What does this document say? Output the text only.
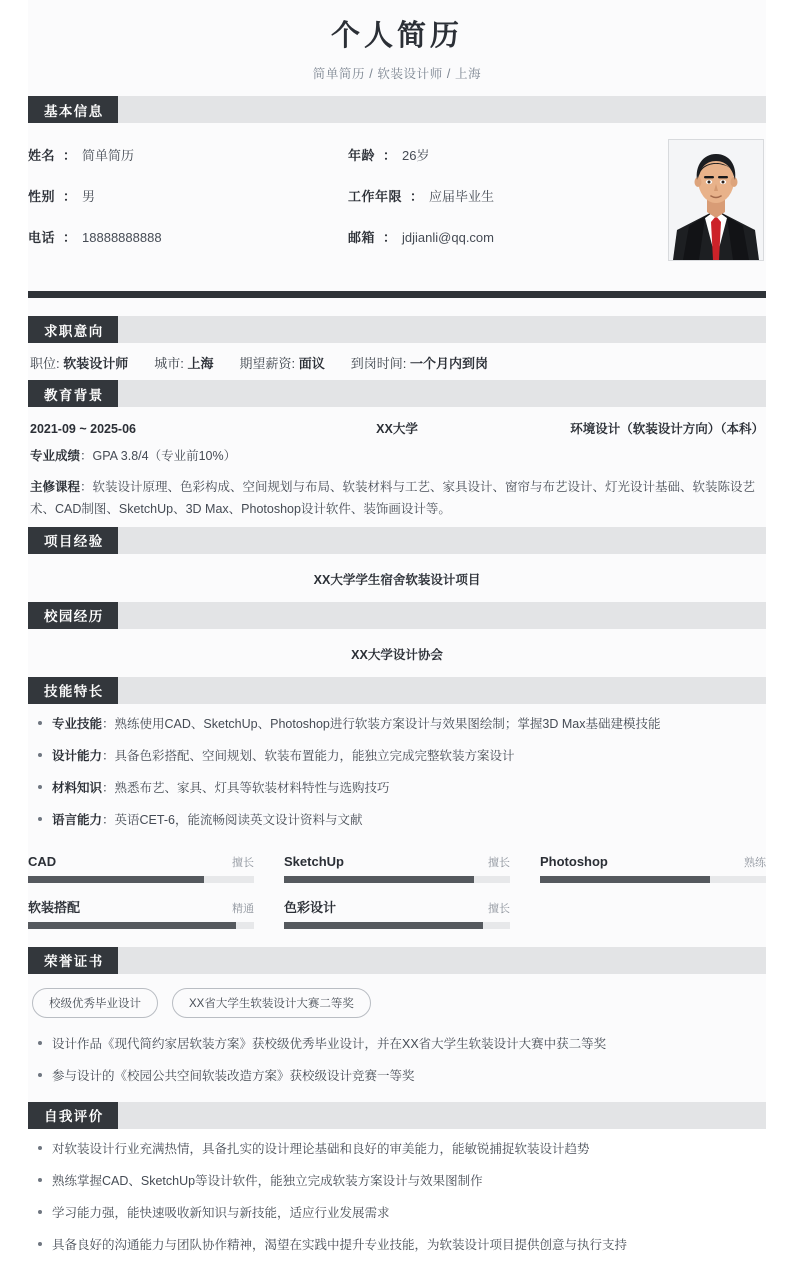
个人简历
简单简历 / 软装设计师 / 上海
基本信息
姓名 ： 简单简历
性别 ： 男
电话 ： 18888888888
年龄 ： 26岁
工作年限 ： 应届毕业生
邮箱 ： jdjianli@qq.com
求职意向
职位: 软装设计师 城市: 上海 期望薪资: 面议 到岗时间: 一个月内到岗
教育背景
2021-09 ~ 2025-06	XX大学	环境设计（软装设计方向）（本科）
专业成绩：GPA 3.8/4（专业前10%）
主修课程：软装设计原理、色彩构成、空间规划与布局、软装材料与工艺、家具设计、窗帘与布艺设计、灯光设计基础、软装陈设艺术、CAD制图、SketchUp、3D Max、Photoshop设计软件、装饰画设计等。
项目经验
XX大学学生宿舍软装设计项目
校园经历
XX大学设计协会
技能特长
专业技能：熟练使用CAD、SketchUp、Photoshop进行软装方案设计与效果图绘制；掌握3D Max基础建模技能
设计能力：具备色彩搭配、空间规划、软装布置能力，能独立完成完整软装方案设计
材料知识：熟悉布艺、家具、灯具等软装材料特性与选购技巧
语言能力：英语CET-6，能流畅阅读英文设计资料与文献
CAD	擅长 SketchUp	擅长 Photoshop	熟练
软装搭配	精通 色彩设计	擅长
荣誉证书
校级优秀毕业设计	XX省大学生软装设计大赛二等奖
设计作品《现代简约家居软装方案》获校级优秀毕业设计，并在XX省大学生软装设计大赛中获二等奖
参与设计的《校园公共空间软装改造方案》获校级设计竞赛一等奖
自我评价
对软装设计行业充满热情，具备扎实的设计理论基础和良好的审美能力，能敏锐捕捉软装设计趋势
熟练掌握CAD、SketchUp等设计软件，能独立完成软装方案设计与效果图制作
学习能力强，能快速吸收新知识与新技能，适应行业发展需求
具备良好的沟通能力与团队协作精神，渴望在实践中提升专业技能，为软装设计项目提供创意与执行支持
